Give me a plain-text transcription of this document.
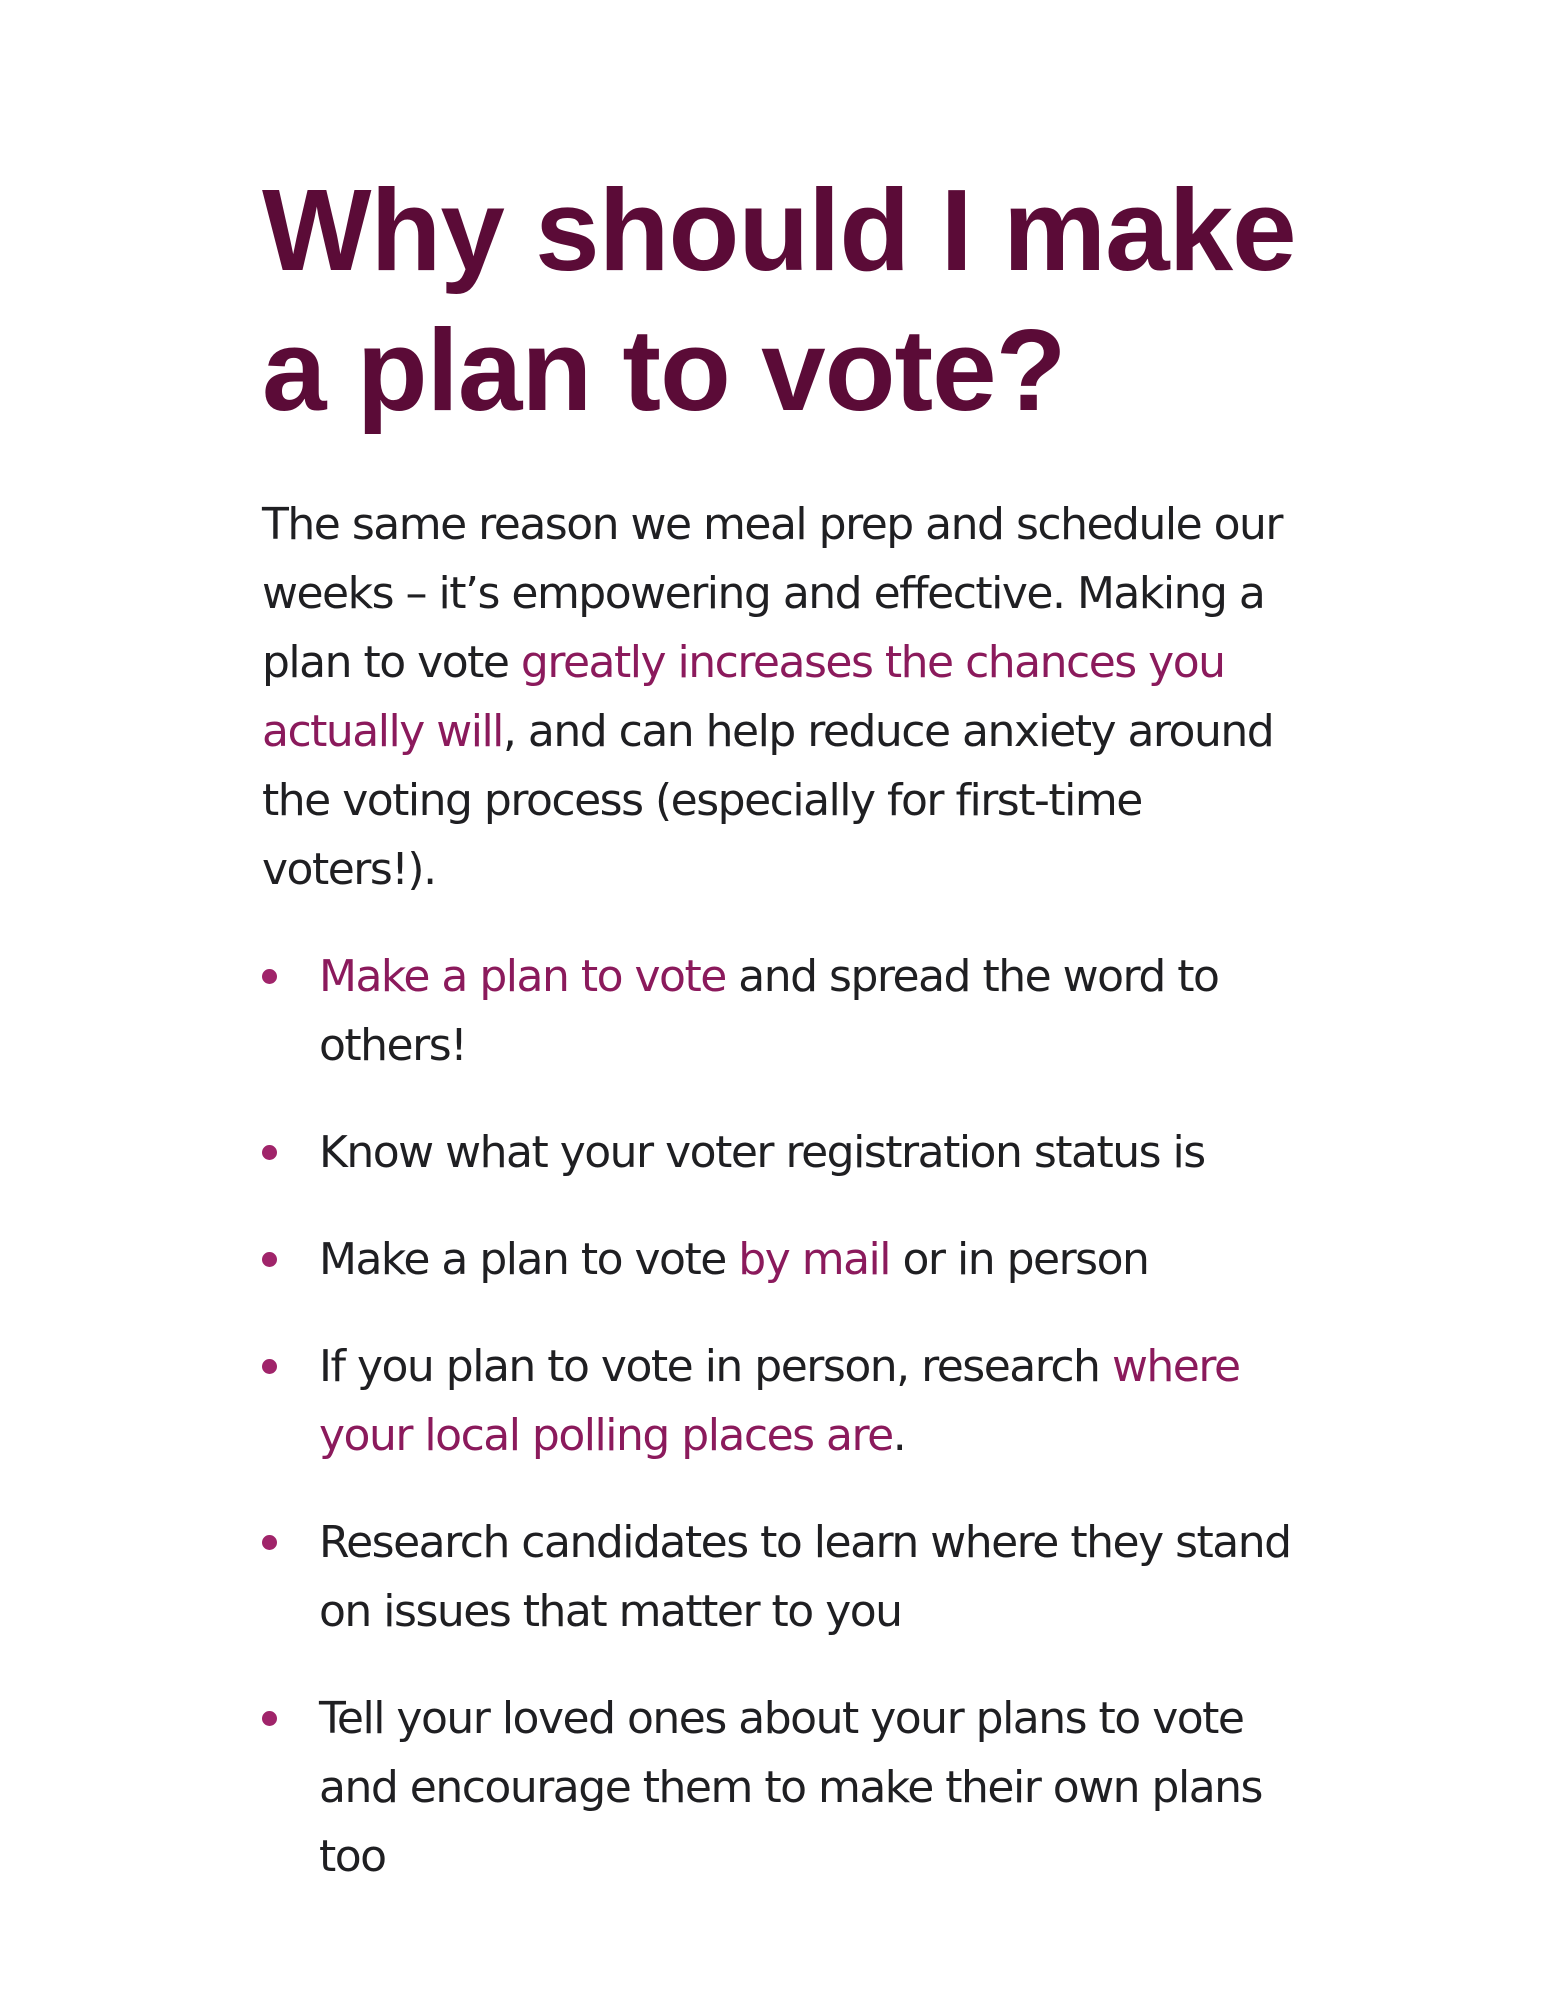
Why should I make a plan to vote?

The same reason we meal prep and schedule our weeks – it’s empowering and effective. Making a plan to vote greatly increases the chances you actually will, and can help reduce anxiety around the voting process (especially for first-time voters!).

Make a plan to vote and spread the word to others!
Know what your voter registration status is
Make a plan to vote by mail or in person
If you plan to vote in person, research where your local polling places are.
Research candidates to learn where they stand on issues that matter to you
Tell your loved ones about your plans to vote and encourage them to make their own plans too
